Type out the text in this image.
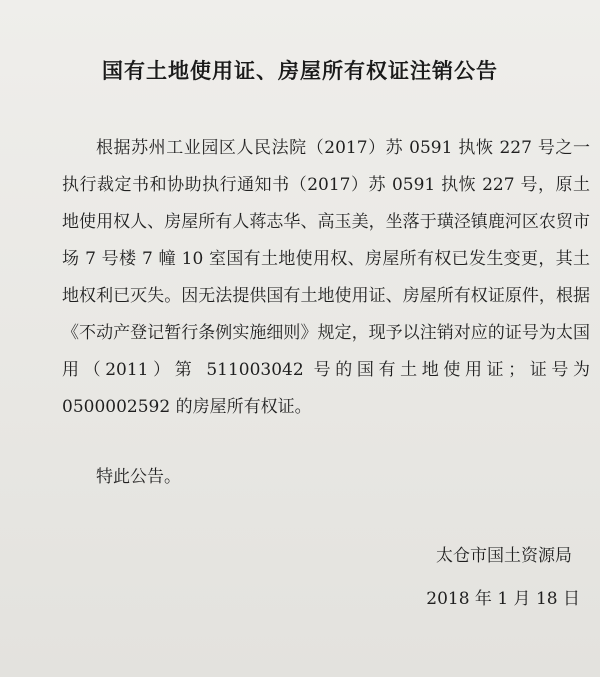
国有土地使用证、房屋所有权证注销公告
根据苏州工业园区人民法院（2017）苏 0591 执恢 227 号之一执行裁定书和协助执行通知书（2017）苏 0591 执恢 227 号，原土地使用权人、房屋所有人蒋志华、高玉美，坐落于璜泾镇鹿河区农贸市场 7 号楼 7 幢 10 室国有土地使用权、房屋所有权已发生变更，其土地权利已灭失。因无法提供国有土地使用证、房屋所有权证原件，根据《不动产登记暂行条例实施细则》规定，现予以注销对应的证号为太国用（2011）第 511003042 号的国有土地使用证；证号为 0500002592 的房屋所有权证。
特此公告。
太仓市国土资源局
2018 年 1 月 18 日
